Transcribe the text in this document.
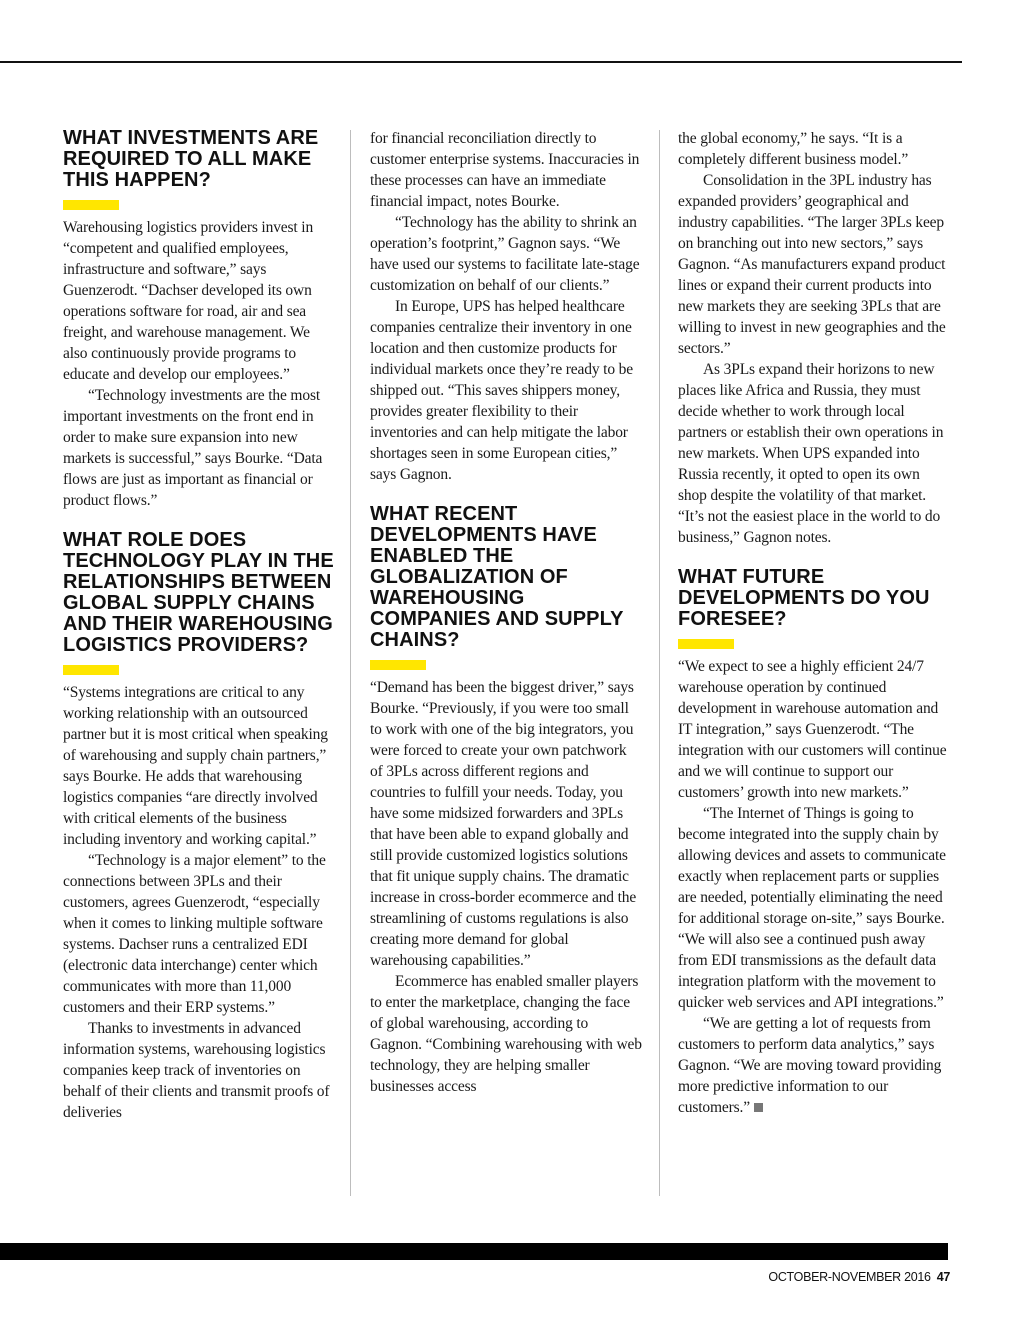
WHAT INVESTMENTS ARE REQUIRED TO ALL MAKE THIS HAPPEN?

Warehousing logistics providers invest in “competent and qualified employees, infrastructure and software,” says Guenzerodt. “Dachser developed its own operations software for road, air and sea freight, and warehouse management. We also continuously provide programs to educate and develop our employees.”

“Technology investments are the most important investments on the front end in order to make sure expansion into new markets is successful,” says Bourke. “Data flows are just as important as financial or product flows.”

WHAT ROLE DOES TECHNOLOGY PLAY IN THE RELATIONSHIPS BETWEEN GLOBAL SUPPLY CHAINS AND THEIR WAREHOUSING LOGISTICS PROVIDERS?

“Systems integrations are critical to any working relationship with an outsourced partner but it is most critical when speaking of warehousing and supply chain partners,” says Bourke. He adds that warehousing logistics companies “are directly involved with critical elements of the business including inventory and working capital.”

“Technology is a major element” to the connections between 3PLs and their customers, agrees Guenzerodt, “especially when it comes to linking multiple software systems. Dachser runs a centralized EDI (electronic data interchange) center which communicates with more than 11,000 customers and their ERP systems.”

Thanks to investments in advanced information systems, warehousing logistics companies keep track of inventories on behalf of their clients and transmit proofs of deliveries

for financial reconciliation directly to customer enterprise systems. Inaccuracies in these processes can have an immediate financial impact, notes Bourke.

“Technology has the ability to shrink an operation’s footprint,” Gagnon says. “We have used our systems to facilitate late-stage customization on behalf of our clients.”

In Europe, UPS has helped healthcare companies centralize their inventory in one location and then customize products for individual markets once they’re ready to be shipped out. “This saves shippers money, provides greater flexibility to their inventories and can help mitigate the labor shortages seen in some European cities,” says Gagnon.

WHAT RECENT DEVELOPMENTS HAVE ENABLED THE GLOBALIZATION OF WAREHOUSING COMPANIES AND SUPPLY CHAINS?

“Demand has been the biggest driver,” says Bourke. “Previously, if you were too small to work with one of the big integrators, you were forced to create your own patchwork of 3PLs across different regions and countries to fulfill your needs. Today, you have some midsized forwarders and 3PLs that have been able to expand globally and still provide customized logistics solutions that fit unique supply chains. The dramatic increase in cross-border ecommerce and the streamlining of customs regulations is also creating more demand for global warehousing capabilities.”

Ecommerce has enabled smaller players to enter the marketplace, changing the face of global warehousing, according to Gagnon. “Combining warehousing with web technology, they are helping smaller businesses access

the global economy,” he says. “It is a completely different business model.”

Consolidation in the 3PL industry has expanded providers’ geographical and industry capabilities. “The larger 3PLs keep on branching out into new sectors,” says Gagnon. “As manufacturers expand product lines or expand their current products into new markets they are seeking 3PLs that are willing to invest in new geographies and the sectors.”

As 3PLs expand their horizons to new places like Africa and Russia, they must decide whether to work through local partners or establish their own operations in new markets. When UPS expanded into Russia recently, it opted to open its own shop despite the volatility of that market. “It’s not the easiest place in the world to do business,” Gagnon notes.

WHAT FUTURE DEVELOPMENTS DO YOU FORESEE?

“We expect to see a highly efficient 24/7 warehouse operation by continued development in warehouse automation and IT integration,” says Guenzerodt. “The integration with our customers will continue and we will continue to support our customers’ growth into new markets.”

“The Internet of Things is going to become integrated into the supply chain by allowing devices and assets to communicate exactly when replacement parts or supplies are needed, potentially eliminating the need for additional storage on-site,” says Bourke. “We will also see a continued push away from EDI transmissions as the default data integration platform with the movement to quicker web services and API integrations.”

“We are getting a lot of requests from customers to perform data analytics,” says Gagnon. “We are moving toward providing more predictive information to our customers.”

OCTOBER-NOVEMBER 2016 47
